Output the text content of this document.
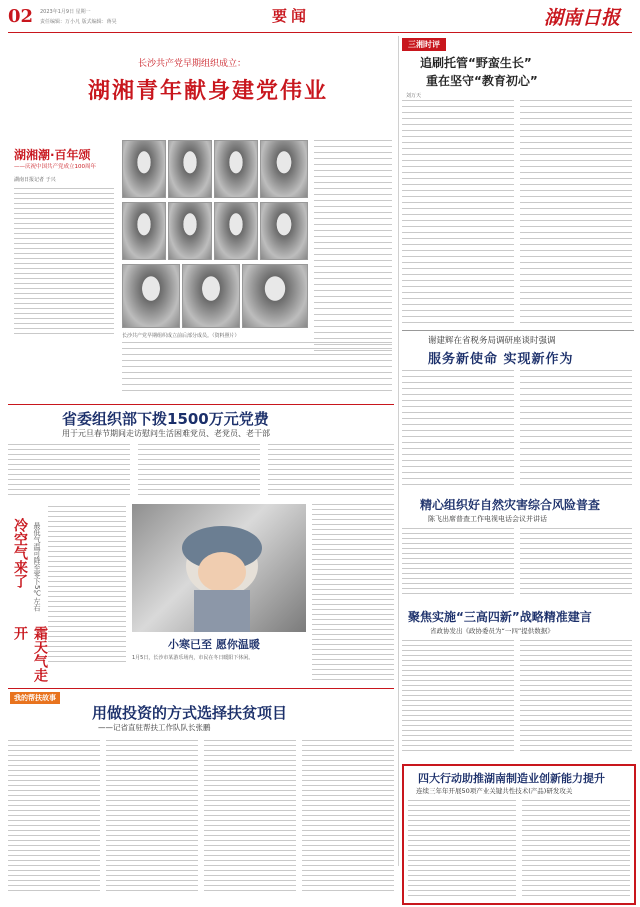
02 2023年1月9日 星期一
责任编辑：万小凡 版式编辑：蒋昊	要闻	湖南日报
长沙共产党早期组织成立：
湖湘青年献身建党伟业
湖湘潮·百年颂
——庆祝中国共产党成立100周年
湖南日报记者 于兴
长沙共产党早期组织成立前后部分成员。（资料照片）
三湘时评
追刷托管“野蛮生长”
重在坚守“教育初心”
刘万天
谢建辉在省税务局调研座谈时强调
服务新使命 实现新作为
省委组织部下拨1500万元党费
用于元旦春节期间走访慰问生活困难党员、老党员、老干部
精心组织好自然灾害综合风险普查
陈飞出席普查工作电视电话会议并讲话
冷空气来了
霜天气走开
最低气温可降至零下5℃左右
小寒已至 愿你温暖
1月5日，长沙市某游乐场内，市民在冬日暖阳下休闲。
聚焦实施“三高四新”战略精准建言
省政协发出《政协委员为“一四”提供数据》
我的帮扶故事
用做投资的方式选择扶贫项目
——记省直驻帮扶工作队队长张鹏
四大行动助推湖南制造业创新能力提升
连续三年年开展50项产业关键共性技术(产品)研发攻关
